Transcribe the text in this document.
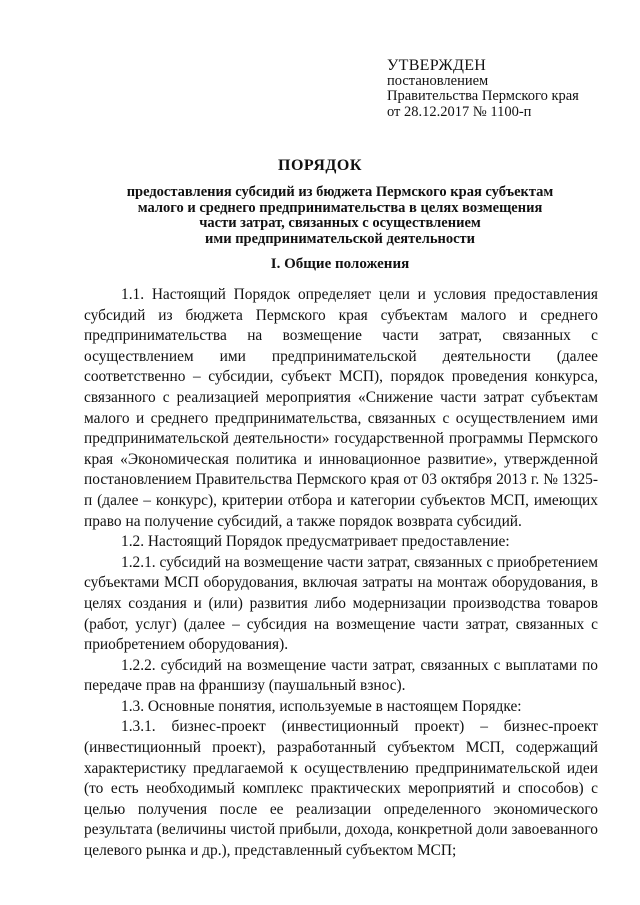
УТВЕРЖДЕН
постановлением
Правительства Пермского края
от 28.12.2017 № 1100-п
ПОРЯДОК
предоставления субсидий из бюджета Пермского края субъектам
малого и среднего предпринимательства в целях возмещения
части затрат, связанных с осуществлением
ими предпринимательской деятельности
I. Общие положения

1.1. Настоящий Порядок определяет цели и условия предоставления субсидий из бюджета Пермского края субъектам малого и среднего предпринимательства на возмещение части затрат, связанных с осуществлением ими предпринимательской деятельности (далее соответственно – субсидии, субъект МСП), порядок проведения конкурса, связанного с реализацией мероприятия «Снижение части затрат субъектам малого и среднего предпринимательства, связанных с осуществлением ими предпринимательской деятельности» государственной программы Пермского края «Экономическая политика и инновационное развитие», утвержденной постановлением Правительства Пермского края от 03 октября 2013 г. № 1325-п (далее – конкурс), критерии отбора и категории субъектов МСП, имеющих право на получение субсидий, а также порядок возврата субсидий.

1.2. Настоящий Порядок предусматривает предоставление:

1.2.1. субсидий на возмещение части затрат, связанных с приобретением субъектами МСП оборудования, включая затраты на монтаж оборудования, в целях создания и (или) развития либо модернизации производства товаров (работ, услуг) (далее – субсидия на возмещение части затрат, связанных с приобретением оборудования).

1.2.2. субсидий на возмещение части затрат, связанных с выплатами по передаче прав на франшизу (паушальный взнос).

1.3. Основные понятия, используемые в настоящем Порядке:

1.3.1. бизнес-проект (инвестиционный проект) – бизнес-проект (инвестиционный проект), разработанный субъектом МСП, содержащий характеристику предлагаемой к осуществлению предпринимательской идеи (то есть необходимый комплекс практических мероприятий и способов) с целью получения после ее реализации определенного экономического результата (величины чистой прибыли, дохода, конкретной доли завоеванного целевого рынка и др.), представленный субъектом МСП;
